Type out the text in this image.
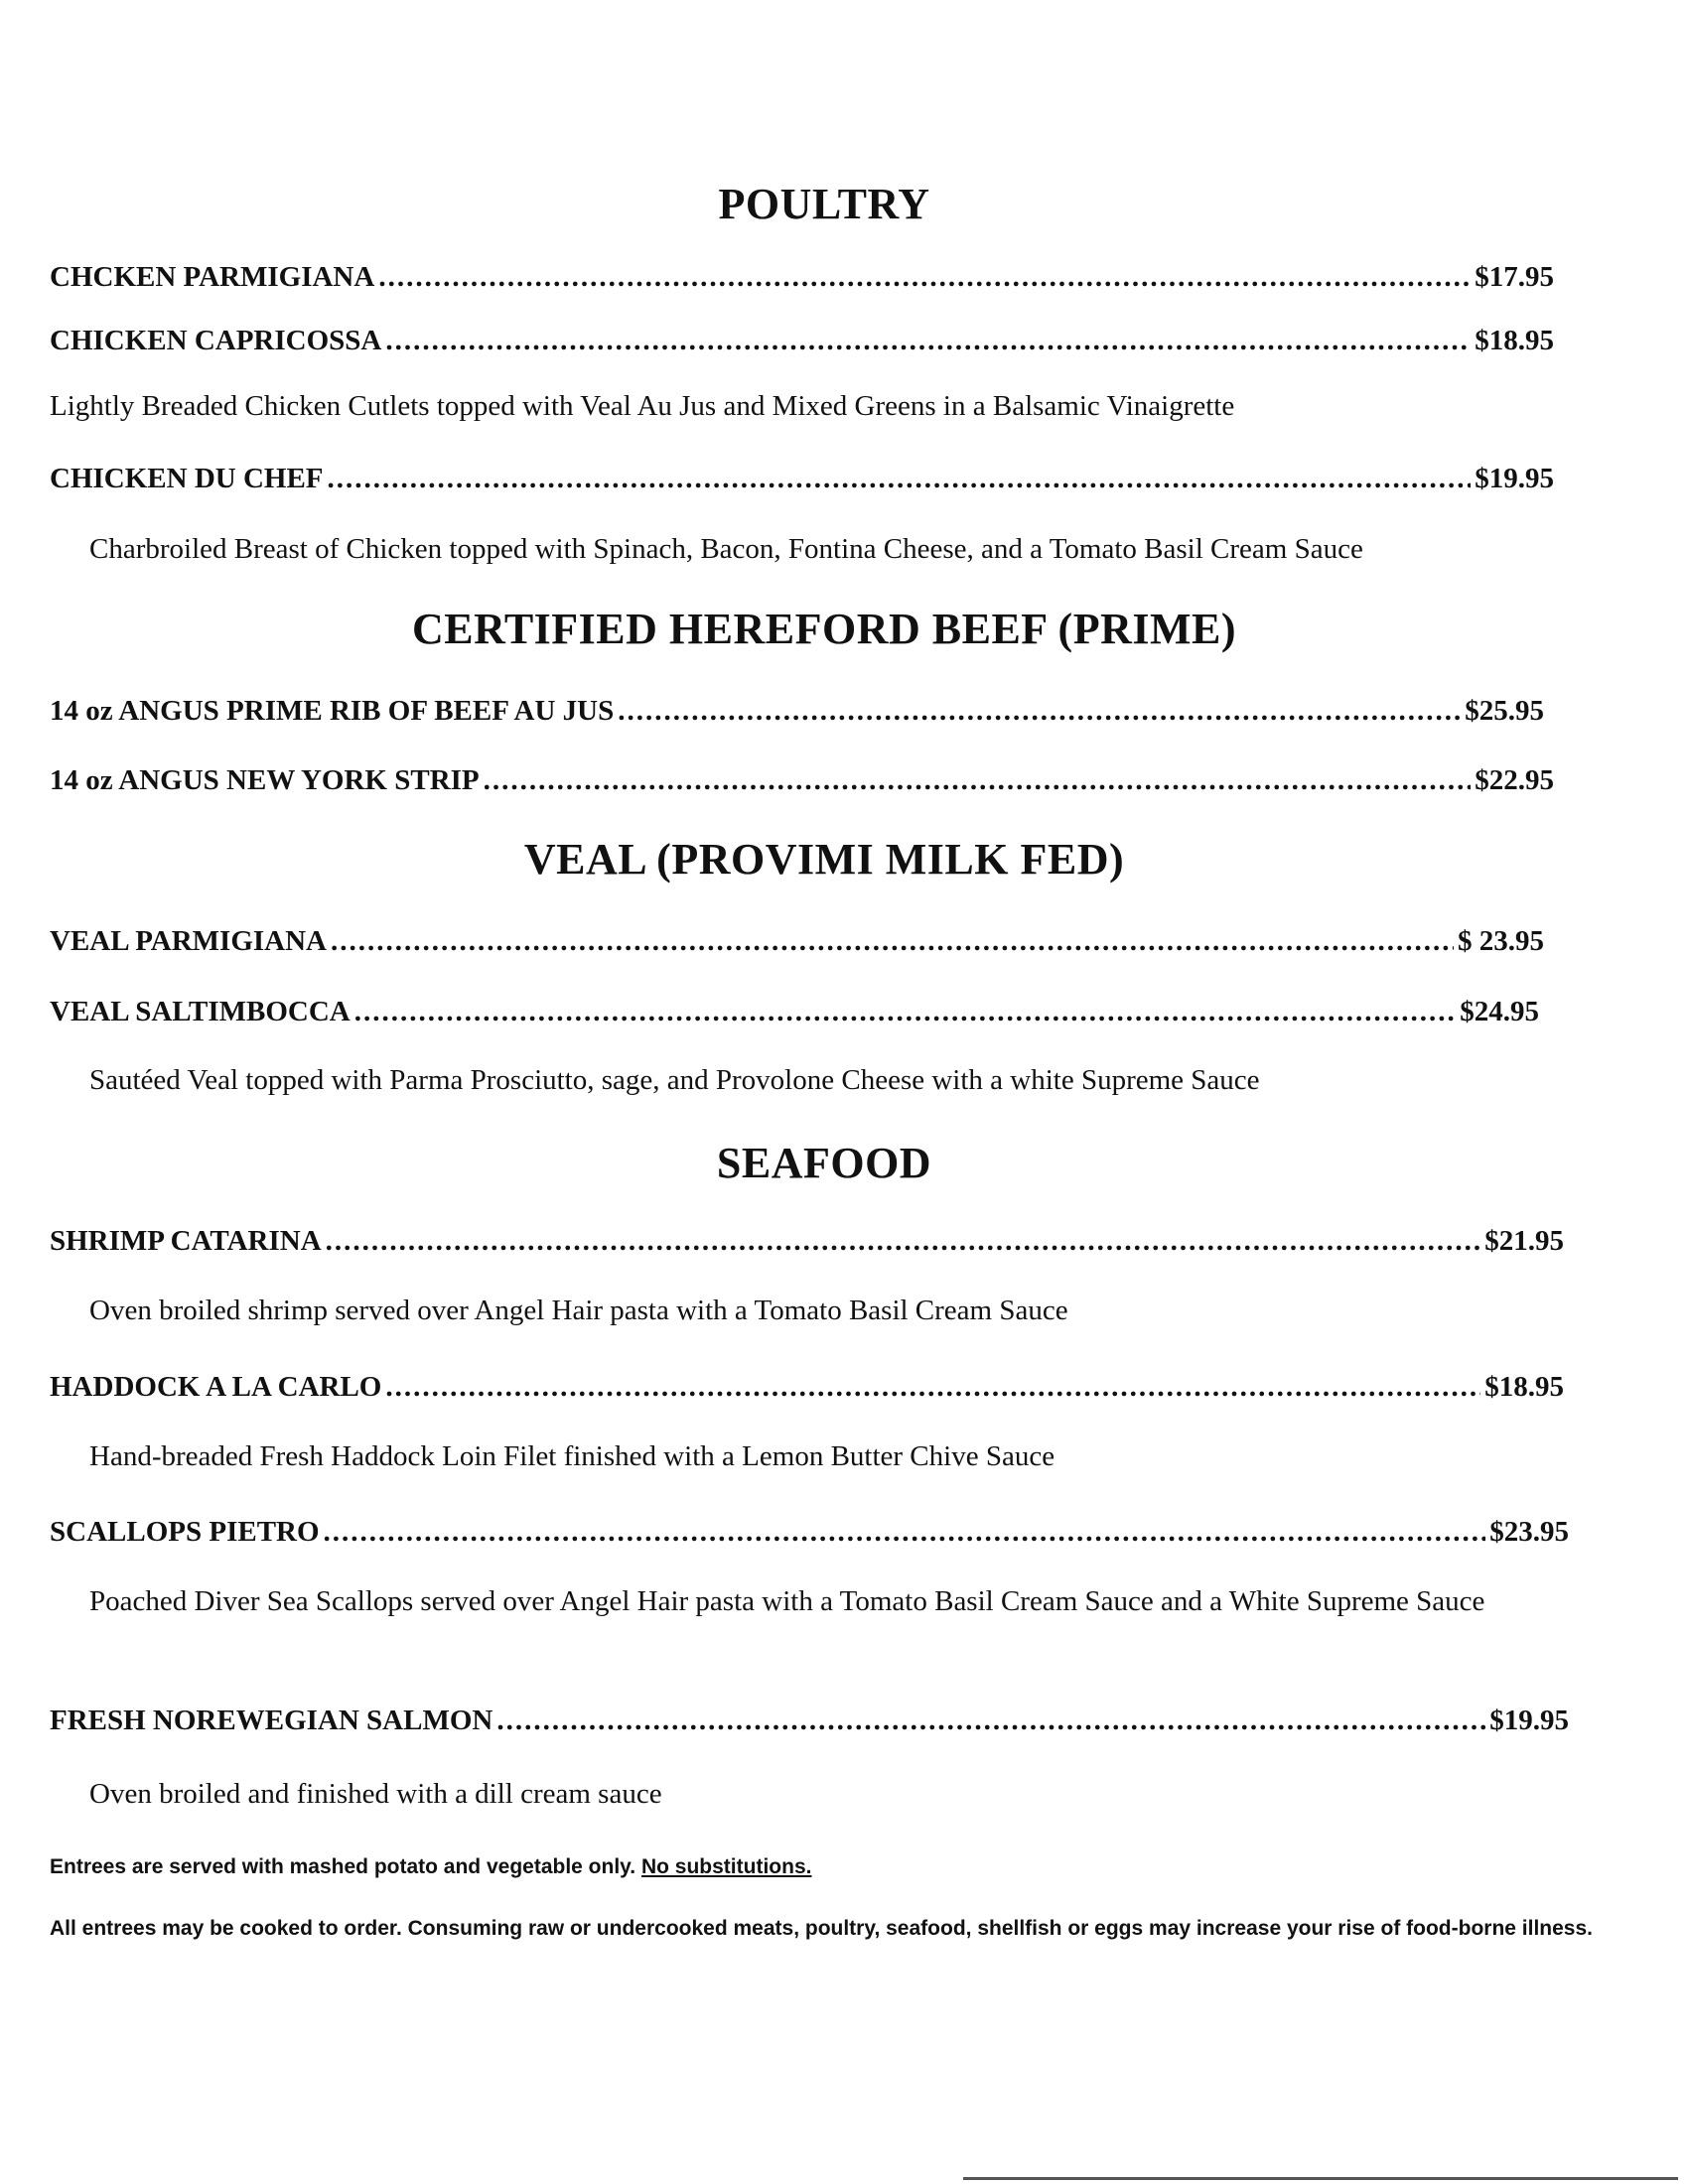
POULTRY
CHCKEN PARMIGIANA .....	$17.95
CHICKEN CAPRICOSSA .....	$18.95
Lightly Breaded Chicken Cutlets topped with Veal Au Jus and Mixed Greens in a Balsamic Vinaigrette
CHICKEN DU CHEF .....	$19.95
Charbroiled Breast of Chicken topped with Spinach, Bacon, Fontina Cheese, and a Tomato Basil Cream Sauce
CERTIFIED HEREFORD BEEF (PRIME)
14 oz ANGUS PRIME RIB OF BEEF AU JUS .....	$25.95
14 oz ANGUS NEW YORK STRIP .....	$22.95
VEAL (PROVIMI MILK FED)
VEAL PARMIGIANA .....	$ 23.95
VEAL SALTIMBOCCA .....	$24.95
Sautéed Veal topped with Parma Prosciutto, sage, and Provolone Cheese with a white Supreme Sauce
SEAFOOD
SHRIMP CATARINA .....	$21.95
Oven broiled shrimp served over Angel Hair pasta with a Tomato Basil Cream Sauce
HADDOCK A LA CARLO .....	$18.95
Hand-breaded Fresh Haddock Loin Filet finished with a Lemon Butter Chive Sauce
SCALLOPS PIETRO .....	$23.95
Poached Diver Sea Scallops served over Angel Hair pasta with a Tomato Basil Cream Sauce and a White Supreme Sauce
FRESH NOREWEGIAN SALMON .....	$19.95
Oven broiled and finished with a dill cream sauce
Entrees are served with mashed potato and vegetable only. No substitutions.
All entrees may be cooked to order. Consuming raw or undercooked meats, poultry, seafood, shellfish or eggs may increase your rise of food-borne illness.
